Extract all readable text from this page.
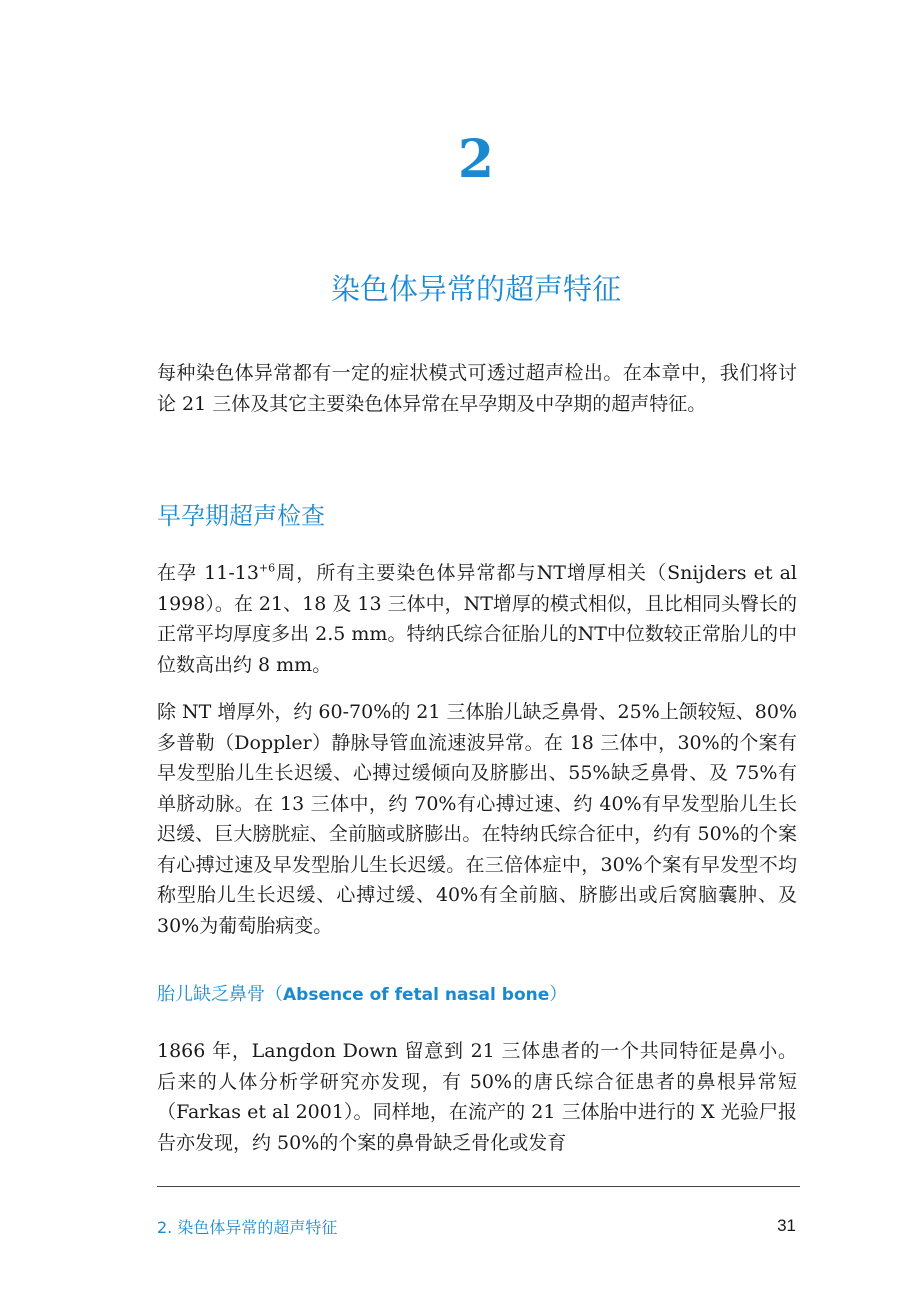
2
染色体异常的超声特征

每种染色体异常都有一定的症状模式可透过超声检出。在本章中，我们将讨论 21 三体及其它主要染色体异常在早孕期及中孕期的超声特征。

早孕期超声检查

在孕 $11-13^{+6}$周，所有主要染色体异常都与NT增厚相关（Snijders et al 1998）。在 21、18 及 13 三体中，NT增厚的模式相似，且比相同头臀长的正常平均厚度多出 2.5 mm。特纳氏综合征胎儿的NT中位数较正常胎儿的中位数高出约 8 mm。

除 NT 增厚外，约 60-70%的 21 三体胎儿缺乏鼻骨、25%上颌较短、80% 多普勒（Doppler）静脉导管血流速波异常。在 18 三体中，30%的个案有早发型胎儿生长迟缓、心搏过缓倾向及脐膨出、55%缺乏鼻骨、及 75%有单脐动脉。在 13 三体中，约 70%有心搏过速、约 40%有早发型胎儿生长迟缓、巨大膀胱症、全前脑或脐膨出。在特纳氏综合征中，约有 50%的个案有心搏过速及早发型胎儿生长迟缓。在三倍体症中，30%个案有早发型不均称型胎儿生长迟缓、心搏过缓、40%有全前脑、脐膨出或后窝脑囊肿、及 30%为葡萄胎病变。

胎儿缺乏鼻骨（Absence of fetal nasal bone）

1866 年，Langdon Down 留意到 21 三体患者的一个共同特征是鼻小。后来的人体分析学研究亦发现，有 50%的唐氏综合征患者的鼻根异常短（Farkas et al 2001）。同样地，在流产的 21 三体胎中进行的 X 光验尸报告亦发现，约 50%的个案的鼻骨缺乏骨化或发育

2. 染色体异常的超声特征	31
